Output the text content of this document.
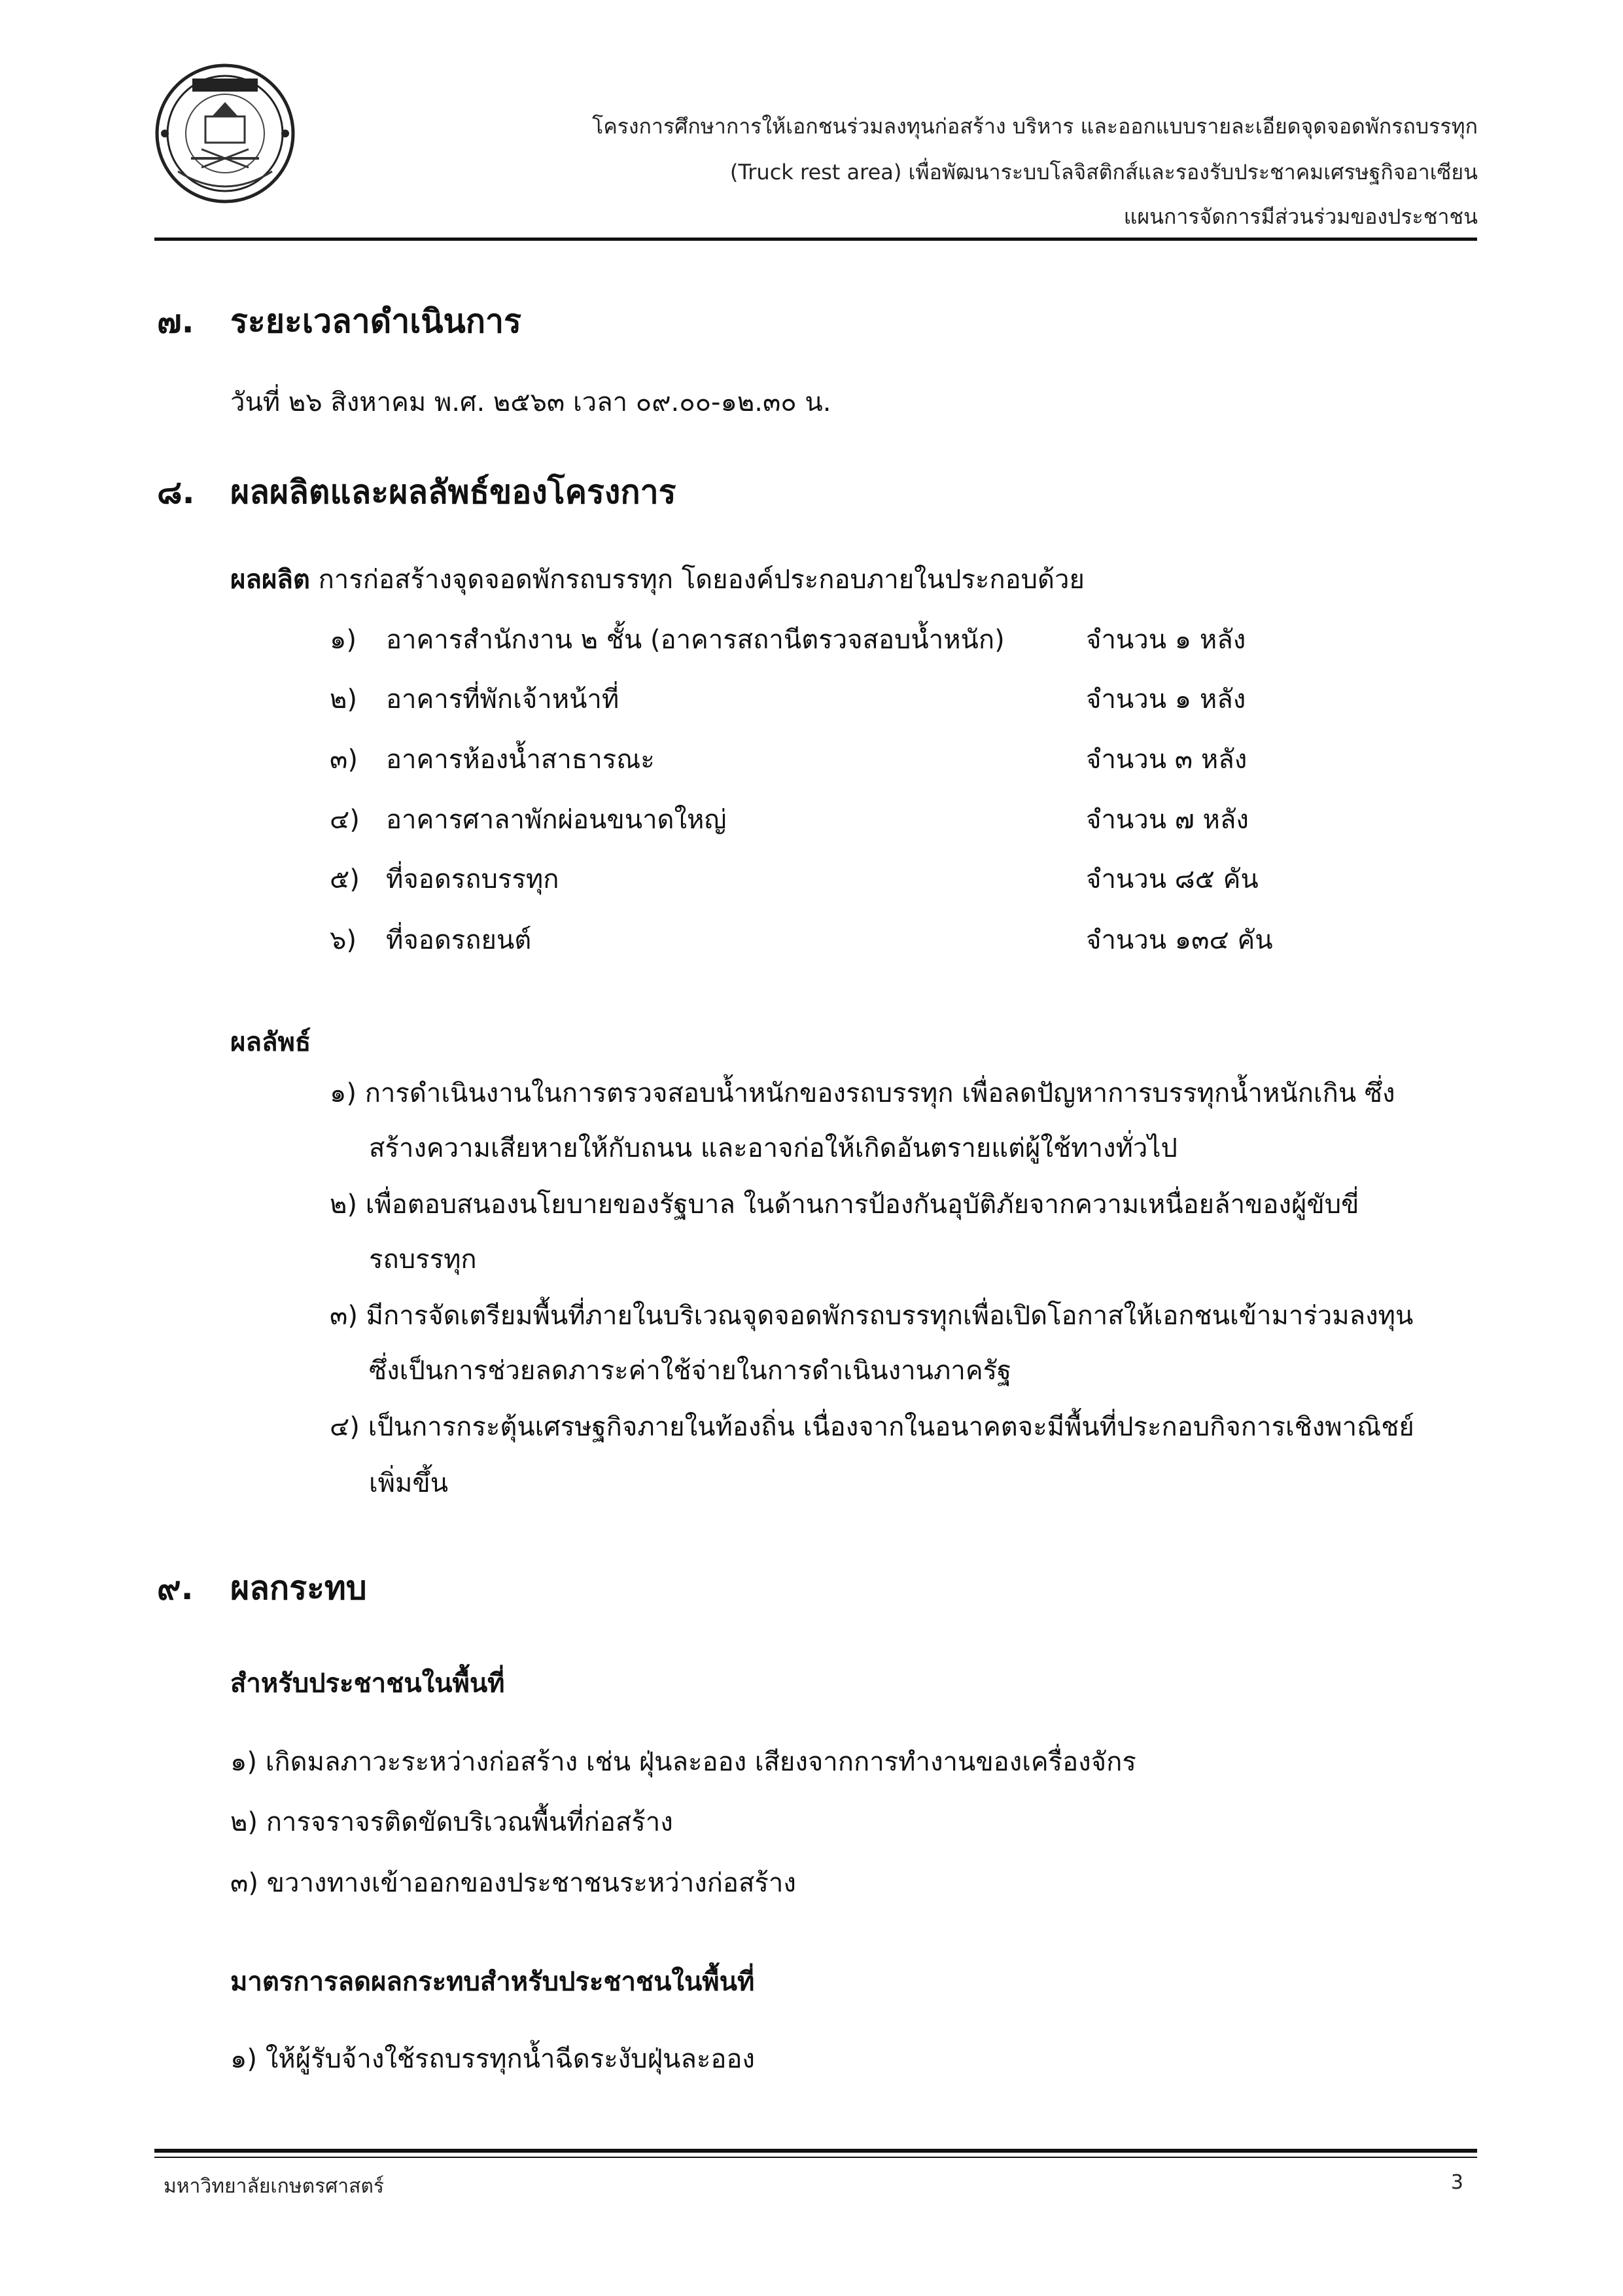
โครงการศึกษาการให้เอกชนร่วมลงทุนก่อสร้าง บริหาร และออกแบบรายละเอียดจุดจอดพักรถบรรทุก
(Truck rest area) เพื่อพัฒนาระบบโลจิสติกส์และรองรับประชาคมเศรษฐกิจอาเซียน
แผนการจัดการมีส่วนร่วมของประชาชน
๗. ระยะเวลาดำเนินการ
วันที่ ๒๖ สิงหาคม พ.ศ. ๒๕๖๓ เวลา ๐๙.๐๐-๑๒.๓๐ น.
๘. ผลผลิตและผลลัพธ์ของโครงการ
ผลผลิต การก่อสร้างจุดจอดพักรถบรรทุก โดยองค์ประกอบภายในประกอบด้วย
๑) อาคารสำนักงาน ๒ ชั้น (อาคารสถานีตรวจสอบน้ำหนัก)	จำนวน ๑ หลัง
๒) อาคารที่พักเจ้าหน้าที่	จำนวน ๑ หลัง
๓) อาคารห้องน้ำสาธารณะ	จำนวน ๓ หลัง
๔) อาคารศาลาพักผ่อนขนาดใหญ่	จำนวน ๗ หลัง
๕) ที่จอดรถบรรทุก	จำนวน ๘๕ คัน
๖) ที่จอดรถยนต์	จำนวน ๑๓๔ คัน
ผลลัพธ์
๑) การดำเนินงานในการตรวจสอบน้ำหนักของรถบรรทุก เพื่อลดปัญหาการบรรทุกน้ำหนักเกิน ซึ่ง
สร้างความเสียหายให้กับถนน และอาจก่อให้เกิดอันตรายแต่ผู้ใช้ทางทั่วไป
๒) เพื่อตอบสนองนโยบายของรัฐบาล ในด้านการป้องกันอุบัติภัยจากความเหนื่อยล้าของผู้ขับขี่
รถบรรทุก
๓) มีการจัดเตรียมพื้นที่ภายในบริเวณจุดจอดพักรถบรรทุกเพื่อเปิดโอกาสให้เอกชนเข้ามาร่วมลงทุน
ซึ่งเป็นการช่วยลดภาระค่าใช้จ่ายในการดำเนินงานภาครัฐ
๔) เป็นการกระตุ้นเศรษฐกิจภายในท้องถิ่น เนื่องจากในอนาคตจะมีพื้นที่ประกอบกิจการเชิงพาณิชย์
เพิ่มขึ้น
๙. ผลกระทบ
สำหรับประชาชนในพื้นที่
๑) เกิดมลภาวะระหว่างก่อสร้าง เช่น ฝุ่นละออง เสียงจากการทำงานของเครื่องจักร
๒) การจราจรติดขัดบริเวณพื้นที่ก่อสร้าง
๓) ขวางทางเข้าออกของประชาชนระหว่างก่อสร้าง
มาตรการลดผลกระทบสำหรับประชาชนในพื้นที่
๑) ให้ผู้รับจ้างใช้รถบรรทุกน้ำฉีดระงับฝุ่นละออง
มหาวิทยาลัยเกษตรศาสตร์	3
